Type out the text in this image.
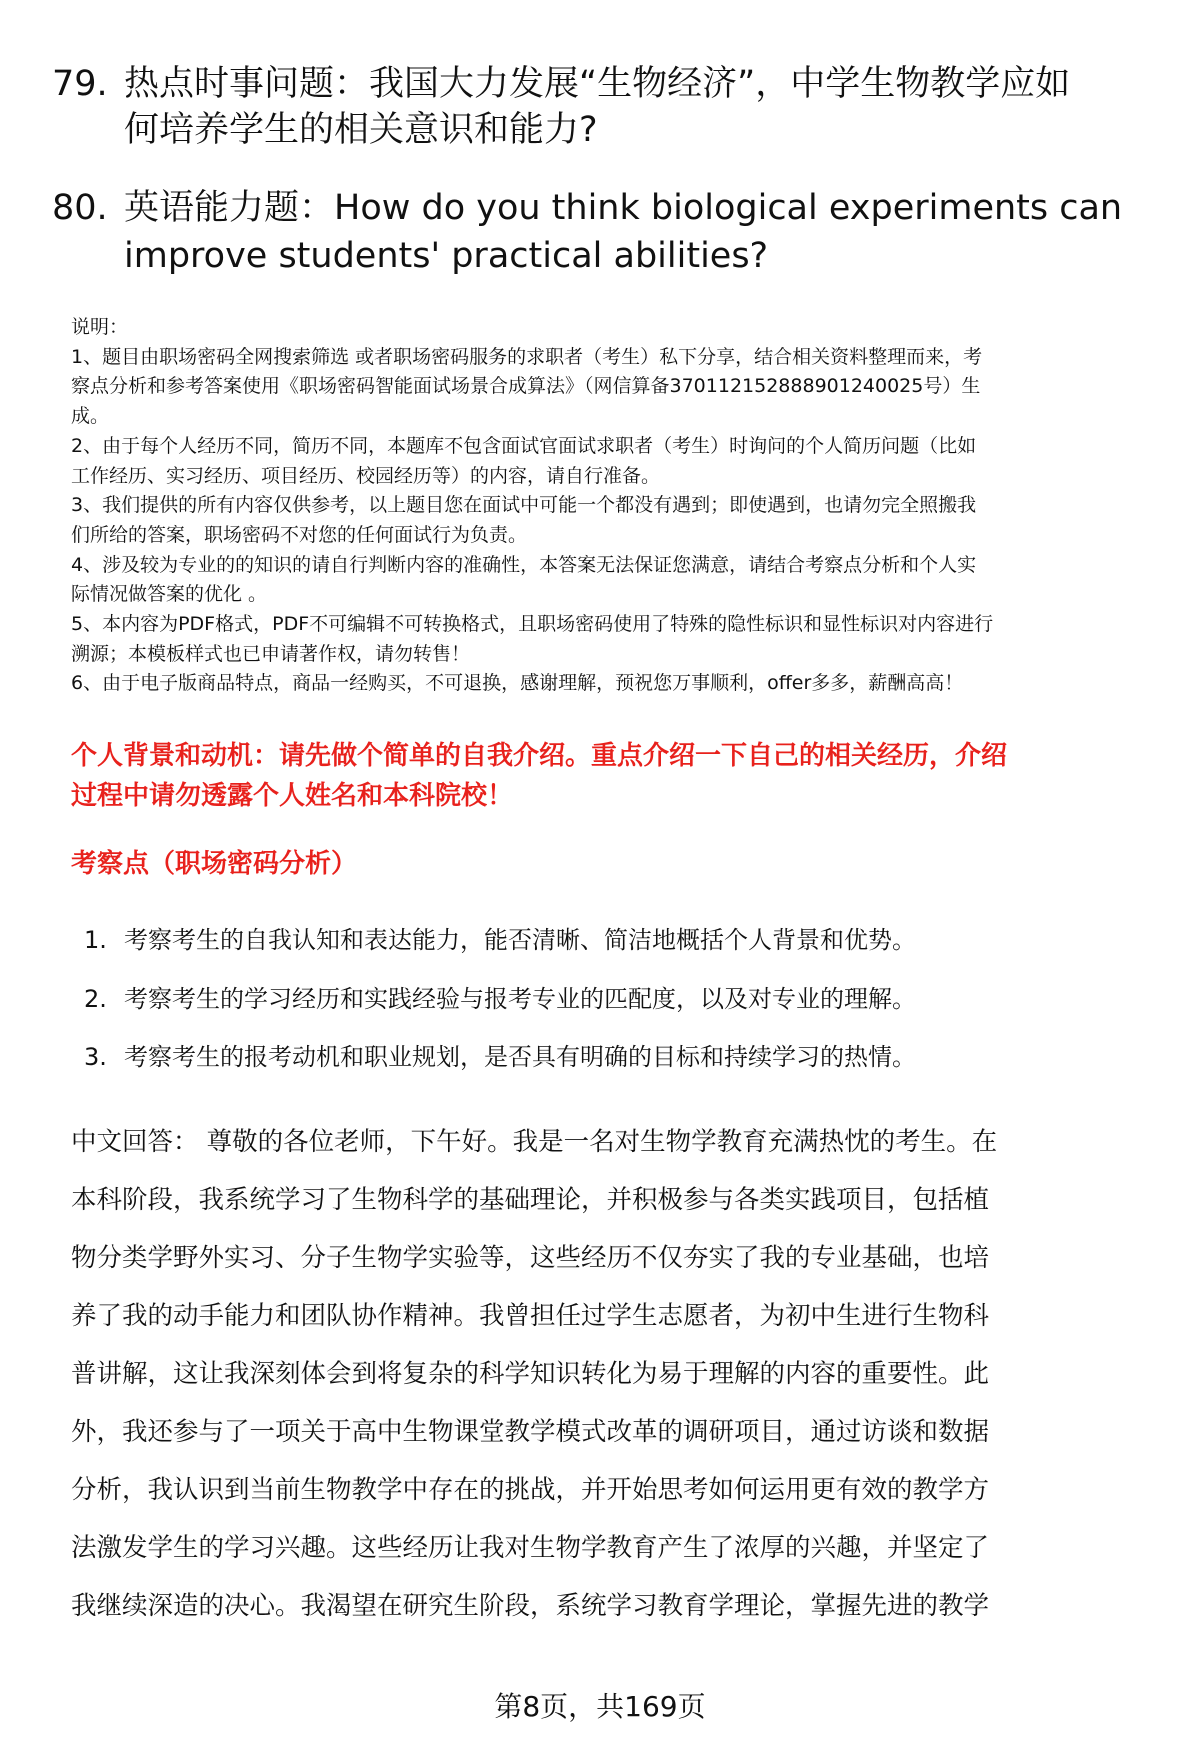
79. 热点时事问题：我国大力发展“生物经济”，中学生物教学应如
何培养学生的相关意识和能力?
80. 英语能力题：How do you think biological experiments can
improve students' practical abilities?
说明：
1、题目由职场密码全网搜索筛选 或者职场密码服务的求职者（考生）私下分享，结合相关资料整理而来，考
察点分析和参考答案使用《职场密码智能面试场景合成算法》（网信算备370112152888901240025号）生
成。
2、由于每个人经历不同，简历不同，本题库不包含面试官面试求职者（考生）时询问的个人简历问题（比如
工作经历、实习经历、项目经历、校园经历等）的内容，请自行准备。
3、我们提供的所有内容仅供参考，以上题目您在面试中可能一个都没有遇到；即使遇到，也请勿完全照搬我
们所给的答案，职场密码不对您的任何面试行为负责。
4、涉及较为专业的的知识的请自行判断内容的准确性，本答案无法保证您满意，请结合考察点分析和个人实
际情况做答案的优化 。
5、本内容为PDF格式，PDF不可编辑不可转换格式，且职场密码使用了特殊的隐性标识和显性标识对内容进行
溯源；本模板样式也已申请著作权，请勿转售！
6、由于电子版商品特点，商品一经购买，不可退换，感谢理解，预祝您万事顺利，offer多多，薪酬高高！
个人背景和动机：请先做个简单的自我介绍。重点介绍一下自己的相关经历，介绍
过程中请勿透露个人姓名和本科院校！
考察点（职场密码分析）
1. 考察考生的自我认知和表达能力，能否清晰、简洁地概括个人背景和优势。
2. 考察考生的学习经历和实践经验与报考专业的匹配度，以及对专业的理解。
3. 考察考生的报考动机和职业规划，是否具有明确的目标和持续学习的热情。
中文回答： 尊敬的各位老师，下午好。我是一名对生物学教育充满热忱的考生。在
本科阶段，我系统学习了生物科学的基础理论，并积极参与各类实践项目，包括植
物分类学野外实习、分子生物学实验等，这些经历不仅夯实了我的专业基础，也培
养了我的动手能力和团队协作精神。我曾担任过学生志愿者，为初中生进行生物科
普讲解，这让我深刻体会到将复杂的科学知识转化为易于理解的内容的重要性。此
外，我还参与了一项关于高中生物课堂教学模式改革的调研项目，通过访谈和数据
分析，我认识到当前生物教学中存在的挑战，并开始思考如何运用更有效的教学方
法激发学生的学习兴趣。这些经历让我对生物学教育产生了浓厚的兴趣，并坚定了
我继续深造的决心。我渴望在研究生阶段，系统学习教育学理论，掌握先进的教学
第8页，共169页
